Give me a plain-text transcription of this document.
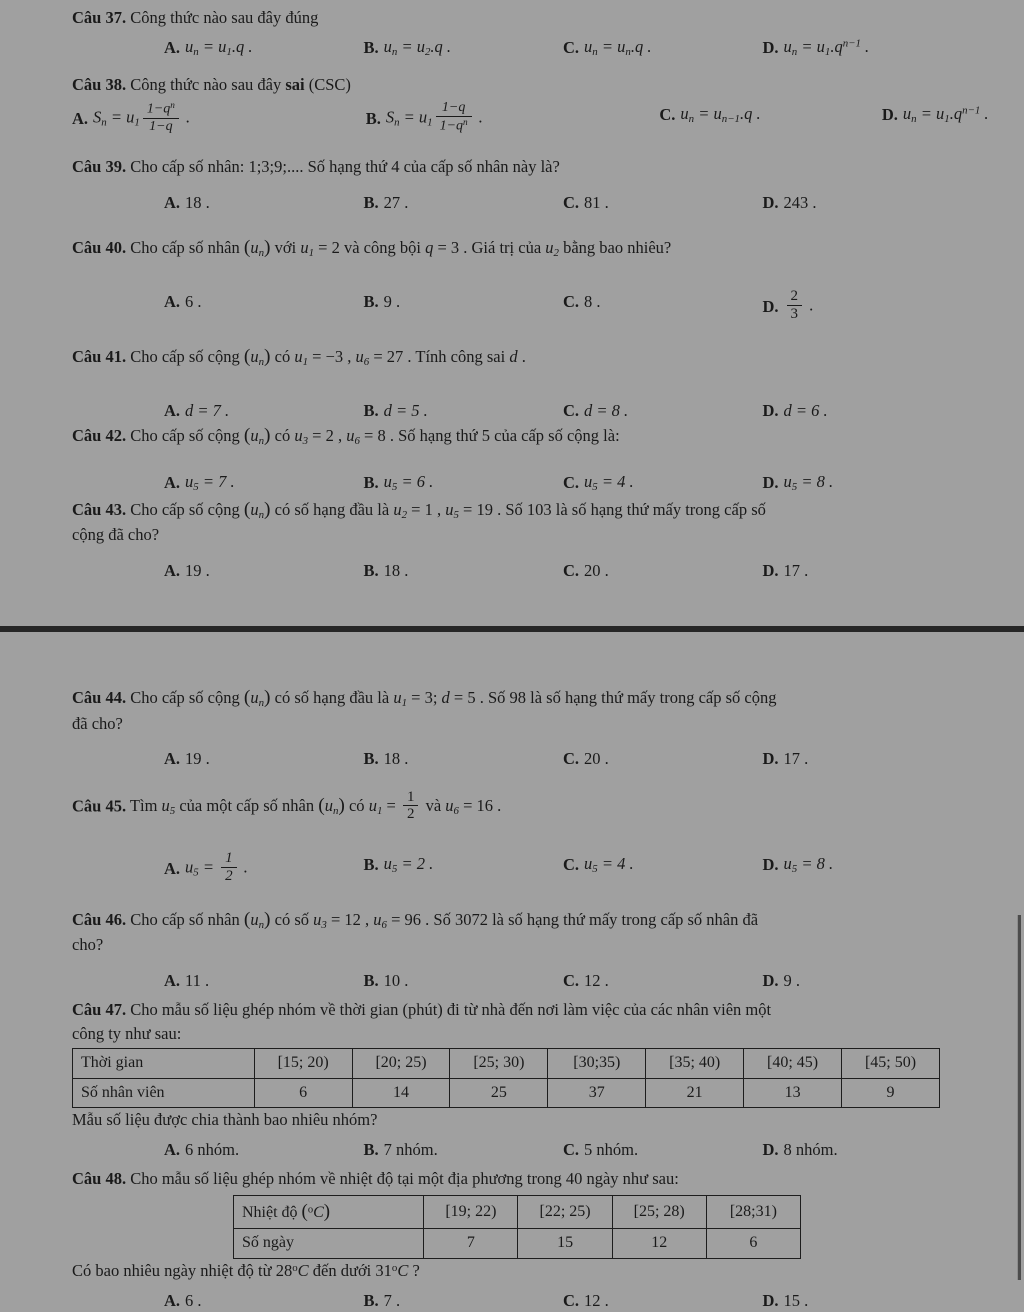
Câu 37. Công thức nào sau đây đúng

A. $u_n = u_1.q$ .	B. $u_n = u_2.q$ .	C. $u_n = u_n.q$ .	D. $u_n = u_1.q^{n-1}$ .

Câu 38. Công thức nào sau đây sai (CSC)

A. $S_n = u_1 \frac{1-q^n}{1-q}$ .	B. $S_n = u_1 \frac{1-q}{1-q^n}$ .	C. $u_n = u_{n-1}.q$ .	D. $u_n = u_1.q^{n-1}$ .

Câu 39. Cho cấp số nhân: 1;3;9;.... Số hạng thứ 4 của cấp số nhân này là?

A. 18 .	B. 27 .	C. 81 .	D. 243 .

Câu 40. Cho cấp số nhân $(u_n)$ với $u_1 = 2$ và công bội q = 3 . Giá trị của $u_2$ bằng bao nhiêu?

A. 6 .	B. 9 .	C. 8 .	D. $\frac{2}{3}$ .

Câu 41. Cho cấp số cộng $(u_n)$ có $u_1 = -3$ , $u_6 = 27$ . Tính công sai d .

A. d = 7 .	B. d = 5 .	C. d = 8 .	D. d = 6 .

Câu 42. Cho cấp số cộng $(u_n)$ có $u_3 = 2$ , $u_6 = 8$ . Số hạng thứ 5 của cấp số cộng là:

A. $u_5 = 7$ .	B. $u_5 = 6$ .	C. $u_5 = 4$ .	D. $u_5 = 8$ .

Câu 43. Cho cấp số cộng $(u_n)$ có số hạng đầu là $u_2 = 1$ , $u_5 = 19$ . Số 103 là số hạng thứ mấy trong cấp số

cộng đã cho?

A. 19 .	B. 18 .	C. 20 .	D. 17 .

Câu 44. Cho cấp số cộng $(u_n)$ có số hạng đầu là $u_1 = 3$; d = 5 . Số 98 là số hạng thứ mấy trong cấp số cộng

đã cho?

A. 19 .	B. 18 .	C. 20 .	D. 17 .

Câu 45. Tìm $u_5$ của một cấp số nhân $(u_n)$ có $u_1 = \frac{1}{2}$ và $u_6 = 16$ .

A. $u_5 = \frac{1}{2}$ .	B. $u_5 = 2$ .	C. $u_5 = 4$ .	D. $u_5 = 8$ .

Câu 46. Cho cấp số nhân $(u_n)$ có số $u_3 = 12$ , $u_6 = 96$ . Số 3072 là số hạng thứ mấy trong cấp số nhân đã

cho?

A. 11 .	B. 10 .	C. 12 .	D. 9 .

Câu 47. Cho mẫu số liệu ghép nhóm về thời gian (phút) đi từ nhà đến nơi làm việc của các nhân viên một

công ty như sau:

Thời gian	[15; 20)	[20; 25)	[25; 30)	[30;35)	[35; 40)	[40; 45)	[45; 50)
Số nhân viên	6	14	25	37	21	13	9

Mẫu số liệu được chia thành bao nhiêu nhóm?

A. 6 nhóm.	B. 7 nhóm.	C. 5 nhóm.	D. 8 nhóm.

Câu 48. Cho mẫu số liệu ghép nhóm về nhiệt độ tại một địa phương trong 40 ngày như sau:

Nhiệt độ ($^o$C)	[19; 22)	[22; 25)	[25; 28)	[28;31)
Số ngày	7	15	12	6

Có bao nhiêu ngày nhiệt độ từ 28$^o$C đến dưới 31$^o$C ?

A. 6 .	B. 7 .	C. 12 .	D. 15 .
